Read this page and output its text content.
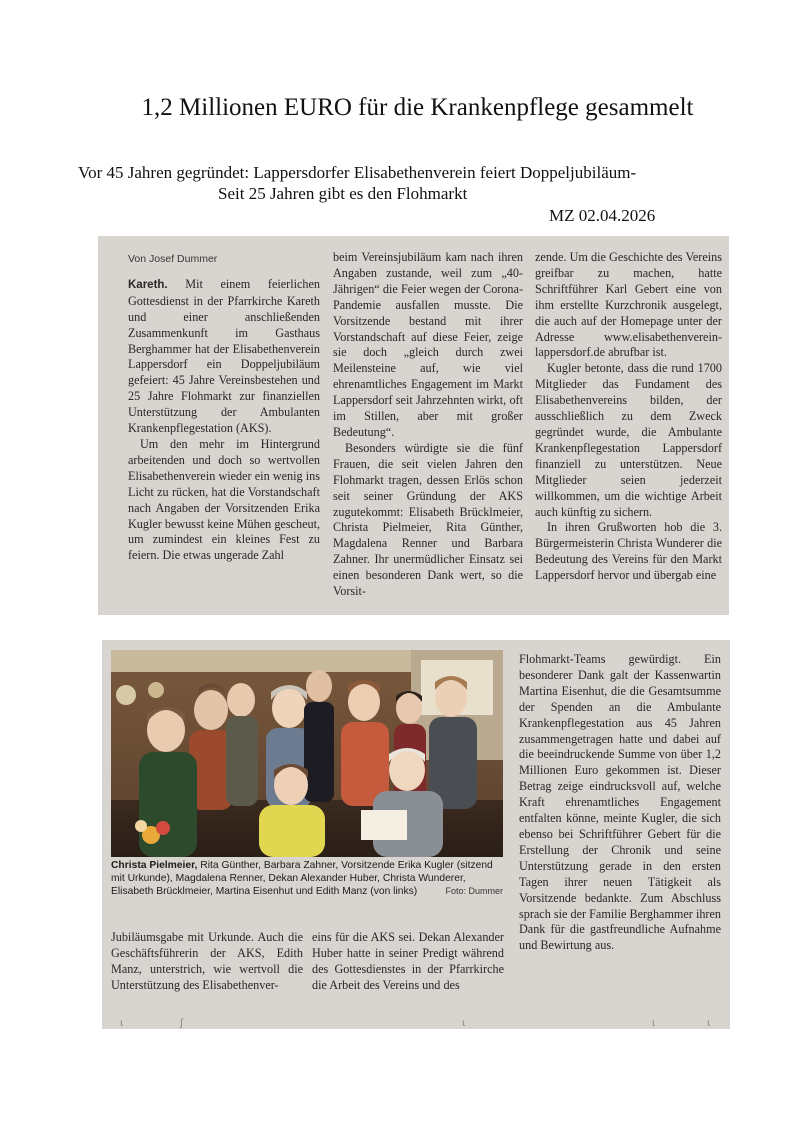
1,2 Millionen EURO für die Krankenpflege gesammelt
Vor 45 Jahren gegründet: Lappersdorfer Elisabethenverein feiert Doppeljubiläum-
Seit 25 Jahren gibt es den Flohmarkt
MZ 02.04.2026
Von Josef Dummer

Kareth. Mit einem feierlichen Gottesdienst in der Pfarrkirche Kareth und einer anschließenden Zusammenkunft im Gasthaus Berghammer hat der Elisabethenverein Lappersdorf ein Doppeljubiläum gefeiert: 45 Jahre Vereinsbestehen und 25 Jahre Flohmarkt zur finanziellen Unterstützung der Ambulanten Krankenpflegestation (AKS).

Um den mehr im Hintergrund arbeitenden und doch so wertvollen Elisabethenverein wieder ein wenig ins Licht zu rücken, hat die Vorstandschaft nach Angaben der Vorsitzenden Erika Kugler bewusst keine Mühen gescheut, um zumindest ein kleines Fest zu feiern. Die etwas ungerade Zahl

beim Vereinsjubiläum kam nach ihren Angaben zustande, weil zum „40-Jährigen“ die Feier wegen der Corona-Pandemie ausfallen musste. Die Vorsitzende bestand mit ihrer Vorstandschaft auf diese Feier, zeige sie doch „gleich durch zwei Meilensteine auf, wie viel ehrenamtliches Engagement im Markt Lappersdorf seit Jahrzehnten wirkt, oft im Stillen, aber mit großer Bedeutung“.

Besonders würdigte sie die fünf Frauen, die seit vielen Jahren den Flohmarkt tragen, dessen Erlös schon seit seiner Gründung der AKS zugutekommt: Elisabeth Brücklmeier, Christa Pielmeier, Rita Günther, Magdalena Renner und Barbara Zahner. Ihr unermüdlicher Einsatz sei einen besonderen Dank wert, so die Vorsit-

zende. Um die Geschichte des Vereins greifbar zu machen, hatte Schriftführer Karl Gebert eine von ihm erstellte Kurzchronik ausgelegt, die auch auf der Homepage unter der Adresse www.elisabethenverein-lappersdorf.de abrufbar ist.

Kugler betonte, dass die rund 1700 Mitglieder das Fundament des Elisabethenvereins bilden, der ausschließlich zu dem Zweck gegründet wurde, die Ambulante Krankenpflegestation Lappersdorf finanziell zu unterstützen. Neue Mitglieder seien jederzeit willkommen, um die wichtige Arbeit auch künftig zu sichern.

In ihren Grußworten hob die 3. Bürgermeisterin Christa Wunderer die Bedeutung des Vereins für den Markt Lappersdorf hervor und übergab eine

Christa Pielmeier, Rita Günther, Barbara Zahner, Vorsitzende Erika Kugler (sitzend mit Urkunde), Magdalena Renner, Dekan Alexander Huber, Christa Wunderer, Elisabeth Brücklmeier, Martina Eisenhut und Edith Manz (von links)	Foto: Dummer

Flohmarkt-Teams gewürdigt. Ein besonderer Dank galt der Kassenwartin Martina Eisenhut, die die Gesamtsumme der Spenden an die Ambulante Krankenpflegestation aus 45 Jahren zusammengetragen hatte und dabei auf die beeindruckende Summe von über 1,2 Millionen Euro gekommen ist. Dieser Betrag zeige eindrucksvoll auf, welche Kraft ehrenamtliches Engagement entfalten könne, meinte Kugler, die sich ebenso bei Schriftführer Gebert für die Erstellung der Chronik und seine Unterstützung gerade in den ersten Tagen ihrer neuen Tätigkeit als Vorsitzende bedankte. Zum Abschluss sprach sie der Familie Berghammer ihren Dank für die gastfreundliche Aufnahme und Bewirtung aus.

Jubiläumsgabe mit Urkunde. Auch die Geschäftsführerin der AKS, Edith Manz, unterstrich, wie wertvoll die Unterstützung des Elisabethenver-

eins für die AKS sei. Dekan Alexander Huber hatte in seiner Predigt während des Gottesdienstes in der Pfarrkirche die Arbeit des Vereins und des

ι	ʃ	ι	ι	ι
